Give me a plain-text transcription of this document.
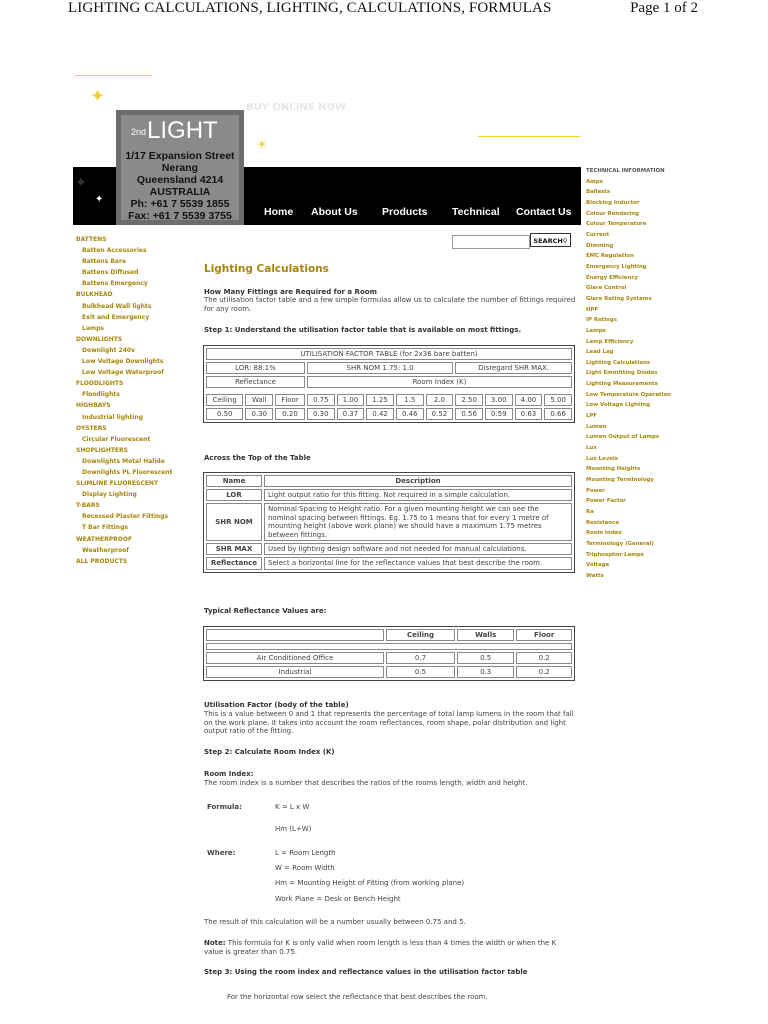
LIGHTING CALCULATIONS, LIGHTING, CALCULATIONS, FORMULAS	Page 1 of 2
✦
☀
BUY ONLINE NOW
✦
✦
2ndLIGHT
1/17 Expansion Street
Nerang
Queensland 4214
AUSTRALIA
Ph: +61 7 5539 1855
Fax: +61 7 5539 3755	Home About Us Products Technical Contact Us
SEARCH⚲
BATTENS
Batten Accessories
Battens Bare
Battens Diffused
Battens Emergency
BULKHEAD
Bulkhead Wall lights
Exit and Emergency
Lamps
DOWNLIGHTS
Downlight 240v
Low Voltage Downlights
Low Voltage Waterproof
FLOODLIGHTS
Floodlights
HIGHBAYS
Industrial lighting
OYSTERS
Circular Fluorescent
SHOPLIGHTERS
Downlights Metal Halide
Downlights PL Fluorescent
SLIMLINE FLUORESCENT
Display Lighting
T-BARS
Recessed Plaster Fittings
T Bar Fittings
WEATHERPROOF
Weatherproof
ALL PRODUCTS
TECHNICAL INFORMATION
Amps
Ballasts
Blocking Inductor
Colour Rendering
Colour Temperature
Current
Dimming
EMC Regulation
Emergency Lighting
Energy Efficiency
Glare Control
Glare Rating Systems
HPF
IP Ratings
Lamps
Lamp Efficiency
Lead Lag
Lighting Calculations
Light Emmitting Diodes
Lighting Measurements
Low Temperature Operation
Low Voltage Lighting
LPF
Lumen
Lumen Output of Lamps
Lux
Lux Levels
Mounting Heights
Mounting Terminology
Power
Power Factor
Ra
Resistance
Room Index
Terminology (General)
Triphosphor Lamps
Voltage
Watts
Lighting Calculations
How Many Fittings are Required for a Room
The utilisation factor table and a few simple formulas allow us to calculate the number of fittings required for any room.
Step 1: Understand the utilisation factor table that is available on most fittings.
UTILISATION FACTOR TABLE (for 2x36 bare batten)											
LOR: 88.1%			SHR NOM 1.75: 1.0					Disregard SHR MAX.			
Reflectance			Room Index (K)								

Ceiling	Wall	Floor	0.75	1.00	1.25	1.5	2.0	2.50	3.00	4.00	5.00
0.50	0.30	0.20	0.30	0.37	0.42	0.46	0.52	0.56	0.59	0.63	0.66
Across the Top of the Table
Name	Description
LOR	Light output ratio for this fitting. Not required in a simple calculation.
SHR NOM	Nominal Spacing to Height ratio. For a given mounting height we can see the nominal spacing between fittings. Eg. 1.75 to 1 means that for every 1 metre of mounting height (above work plane) we should have a maximum 1.75 metres between fittings.
SHR MAX	Used by lighting design software and not needed for manual calculations.
Reflectance	Select a horizontal line for the reflectance values that best describe the room.
Typical Reflectance Values are:
	Ceiling	Walls	Floor

Air Conditioned Office	0.7	0.5	0.2
Industrial	0.5	0.3	0.2
Utilisation Factor (body of the table)
This is a value between 0 and 1 that represents the percentage of total lamp lumens in the room that fall on the work plane. It takes into account the room reflectances, room shape, polar distribution and light output ratio of the fitting.
Step 2: Calculate Room Index (K)
Room Index:
The room index is a number that describes the ratios of the rooms length, width and height.
Formula:	K = L x W
Hm (L+W)
Where:	L = Room Length
W = Room Width
Hm = Mounting Height of Fitting (from working plane)
Work Plane = Desk or Bench Height
The result of this calculation will be a number usually between 0.75 and 5.
Note: This formula for K is only valid when room length is less than 4 times the width or when the K value is greater than 0.75.
Step 3: Using the room index and reflectance values in the utilisation factor table
For the horizontal row select the reflectance that best describes the room.
